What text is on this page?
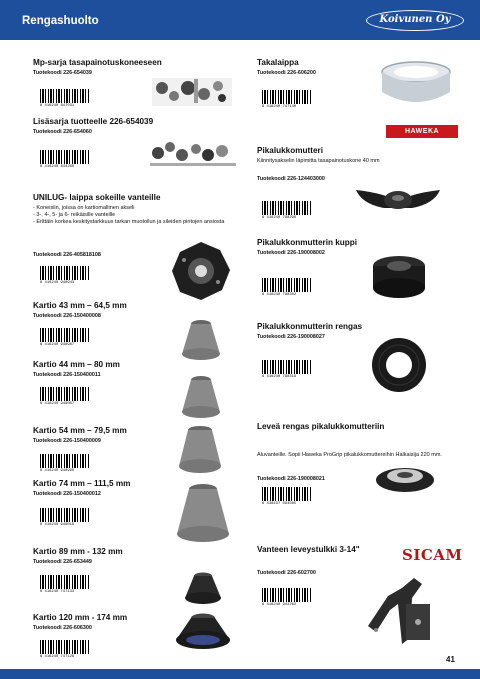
Rengashuolto	Koivunen Oy
Mp-sarja tasapainotuskoneeseen
Tuotekoodi 226-654039
6 416240 847031
Lisäsarja tuotteelle 226-654039
Tuotekoodi 226-654060
6 416240 844260
UNILUG- laippa sokeille vanteille
- Koneisiin, joissa on kartiomallinen akseli
- 3-, 4-, 5- ja 6- reikäisille vanteille
- Erittäin korkea keskitystarkkuus tarkan muotoilun ja sileiden pintojen ansiosta
Tuotekoodi 226-405818108
6 416240 948943
Kartio 43 mm – 64,5 mm
Tuotekoodi 226-150400008
6 416240 948987
Kartio 44 mm – 80 mm
Tuotekoodi 226-150400011
6 416240 949007
Kartio 54 mm – 79,5 mm
Tuotekoodi 226-150400009
6 416240 948990
Kartio 74 mm – 111,5 mm
Tuotekoodi 226-150400012
6 416240 949018
Kartio 89 mm - 132 mm
Tuotekoodi 226-653449
6 416240 747133
Kartio 120 mm - 174 mm
Tuotekoodi 226-606300
6 416240 747126
Takalaippa
Tuotekoodi 226-606200
6 416240 747140
HAWEKA
Pikalukkomutteri
Kiinnitysakselin läpimitta tasapainotuskone 40 mm
Tuotekoodi 226-124403000
6 416240 798296
Pikalukkonmutterin kuppi
Tuotekoodi 226-190008002
6 416240 798302
Pikalukkonmutterin rengas
Tuotekoodi 226-190008027
6 416240 798319
Leveä rengas pikalukkomutteriin
Aluvanteille. Sopii Haweka ProGrip pikalukkomuttereihin Halkaisija 220 mm.
Tuotekoodi 226-190008021
6 438437 094085
Vanteen leveystulkki 3-14"	SICAM
Tuotekoodi 226-602700
6 416240 942262
41
